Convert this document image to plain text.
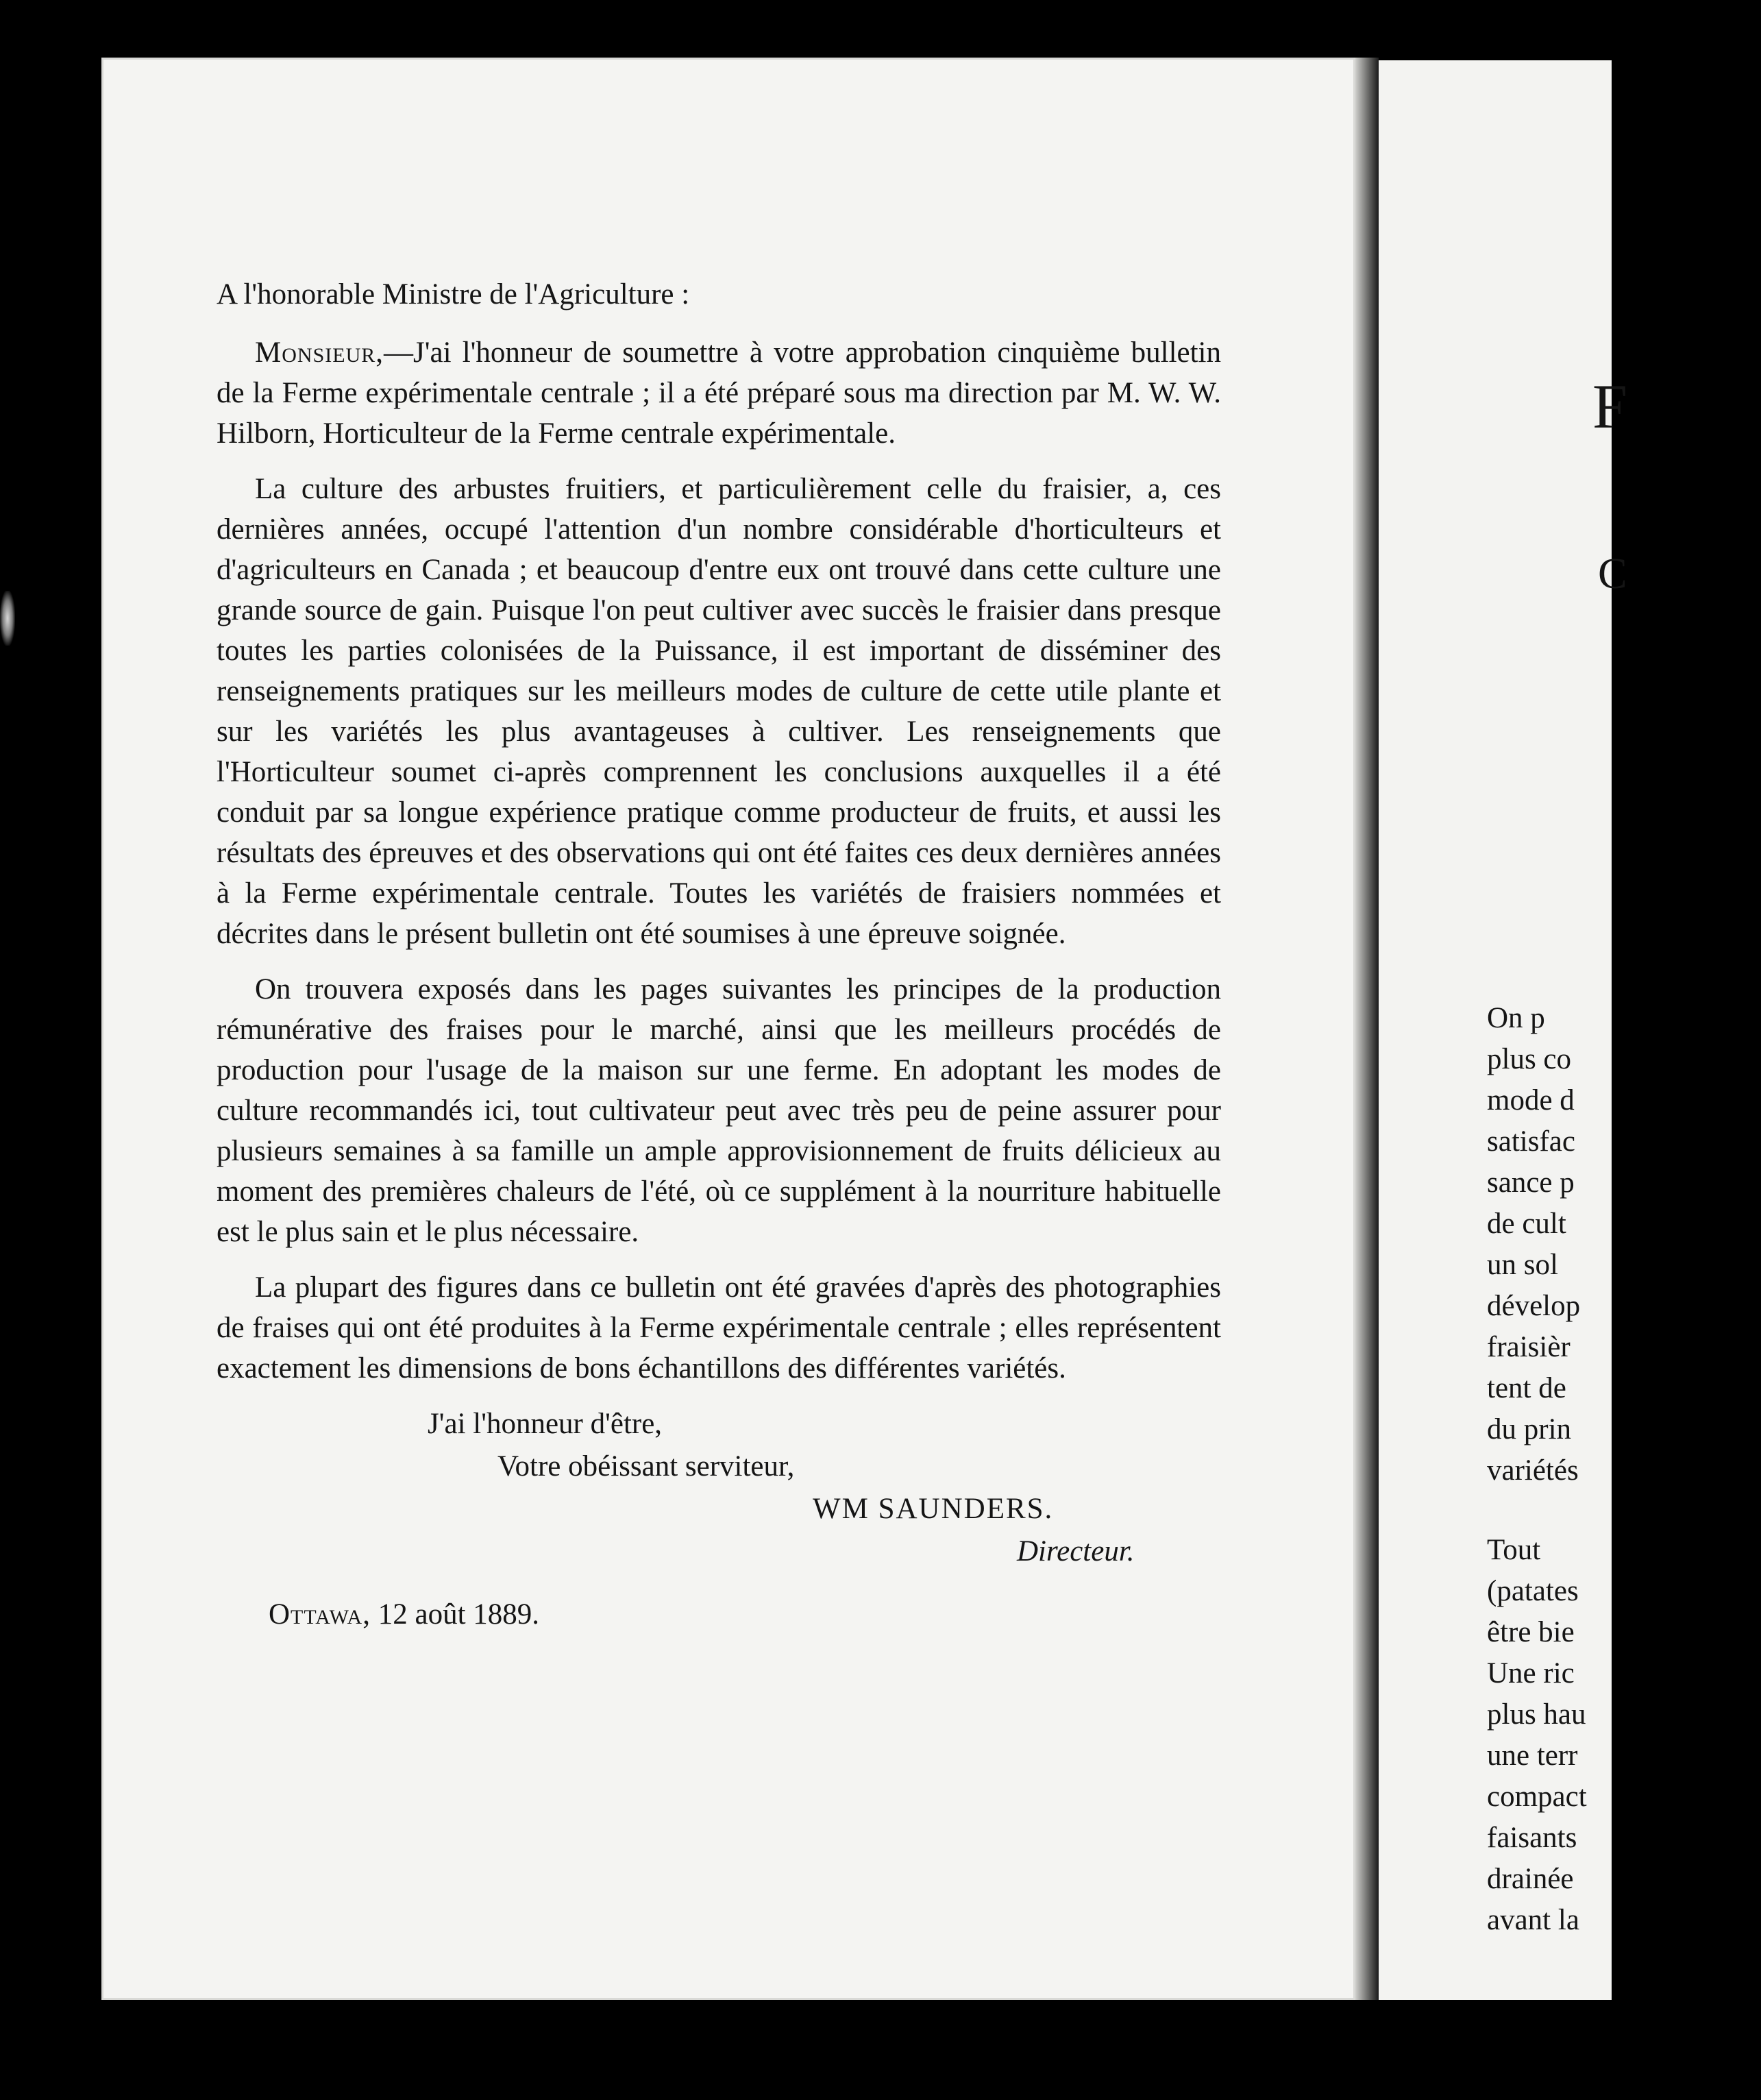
A l'honorable Ministre de l'Agriculture :

Monsieur,—J'ai l'honneur de soumettre à votre approbation cinquième bulletin de la Ferme expérimentale centrale ; il a été préparé sous ma direction par M. W. W. Hilborn, Horticulteur de la Ferme centrale expérimentale.

La culture des arbustes fruitiers, et particulièrement celle du fraisier, a, ces dernières années, occupé l'attention d'un nombre considérable d'horticulteurs et d'agriculteurs en Canada ; et beaucoup d'entre eux ont trouvé dans cette culture une grande source de gain. Puisque l'on peut cultiver avec succès le fraisier dans presque toutes les parties colonisées de la Puissance, il est important de disséminer des renseignements pratiques sur les meilleurs modes de culture de cette utile plante et sur les variétés les plus avantageuses à cultiver. Les renseignements que l'Horticulteur soumet ci-après comprennent les conclusions auxquelles il a été conduit par sa longue expérience pratique comme producteur de fruits, et aussi les résultats des épreuves et des observations qui ont été faites ces deux dernières années à la Ferme expérimentale centrale. Toutes les variétés de fraisiers nommées et décrites dans le présent bulletin ont été soumises à une épreuve soignée.

On trouvera exposés dans les pages suivantes les principes de la production rémunérative des fraises pour le marché, ainsi que les meilleurs procédés de production pour l'usage de la maison sur une ferme. En adoptant les modes de culture recommandés ici, tout cultivateur peut avec très peu de peine assurer pour plusieurs semaines à sa famille un ample approvisionnement de fruits délicieux au moment des premières chaleurs de l'été, où ce supplément à la nourriture habituelle est le plus sain et le plus nécessaire.

La plupart des figures dans ce bulletin ont été gravées d'après des photographies de fraises qui ont été produites à la Ferme expérimentale centrale ; elles représentent exactement les dimensions de bons échantillons des différentes variétés.

J'ai l'honneur d'être,
Votre obéissant serviteur,
WM SAUNDERS.
Directeur.
Ottawa, 12 août 1889.
F
C
On p
plus co
mode d
satisfac
sance p
de cult
un sol
dévelop
fraisièr
tent de
du prin
variétés
Tout
(patates
être bie
Une ric
plus hau
une terr
compact
faisants
drainée
avant la
